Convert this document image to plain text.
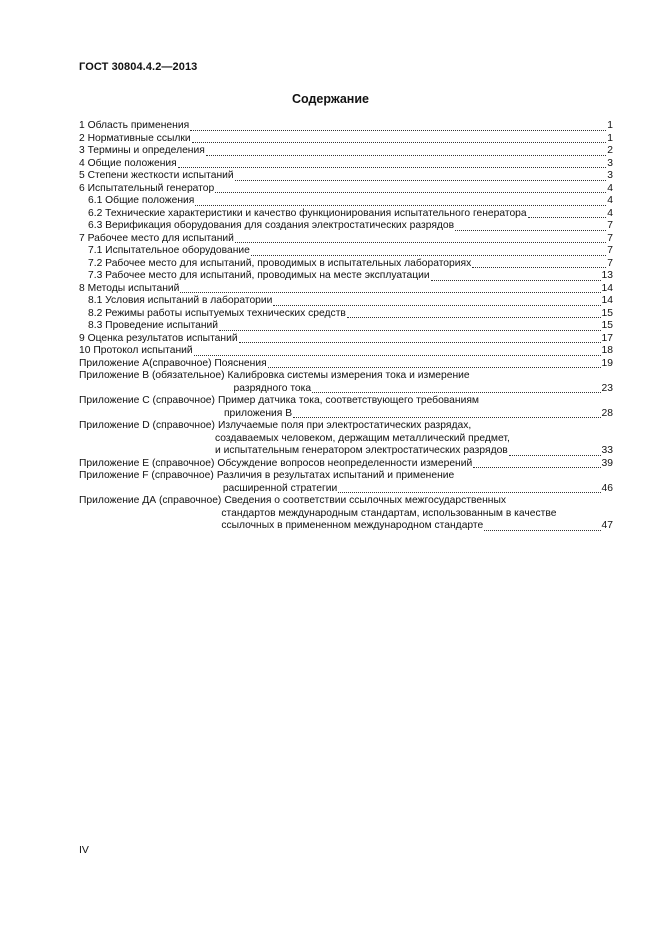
ГОСТ 30804.4.2—2013
Содержание
1 Область применения	1
2 Нормативные ссылки	1
3 Термины и определения	2
4 Общие положения	3
5 Степени жесткости испытаний	3
6 Испытательный генератор	4
6.1 Общие положения	4
6.2 Технические характеристики и качество функционирования испытательного генератора	4
6.3 Верификация оборудования для создания электростатических разрядов	7
7 Рабочее место для испытаний	7
7.1 Испытательное оборудование	7
7.2 Рабочее место для испытаний, проводимых в испытательных лабораториях	7
7.3 Рабочее место для испытаний, проводимых на месте эксплуатации	13
8 Методы испытаний	14
8.1 Условия испытаний в лаборатории	14
8.2 Режимы работы испытуемых технических средств	15
8.3 Проведение испытаний	15
9 Оценка результатов испытаний	17
10 Протокол испытаний	18
Приложение А(справочное) Пояснения	19
Приложение В (обязательное) Калибровка системы измерения тока и измерение
разрядного тока	23
Приложение С (справочное) Пример датчика тока, соответствующего требованиям
приложения В	28
Приложение D (справочное) Излучаемые поля при электростатических разрядах,
создаваемых человеком, держащим металлический предмет,
и испытательным генератором электростатических разрядов	33
Приложение Е (справочное) Обсуждение вопросов неопределенности измерений	39
Приложение F (справочное) Различия в результатах испытаний и применение
расширенной стратегии	46
Приложение ДА (справочное) Сведения о соответствии ссылочных межгосударственных
стандартов международным стандартам, использованным в качестве
ссылочных в примененном международном стандарте	47
IV
